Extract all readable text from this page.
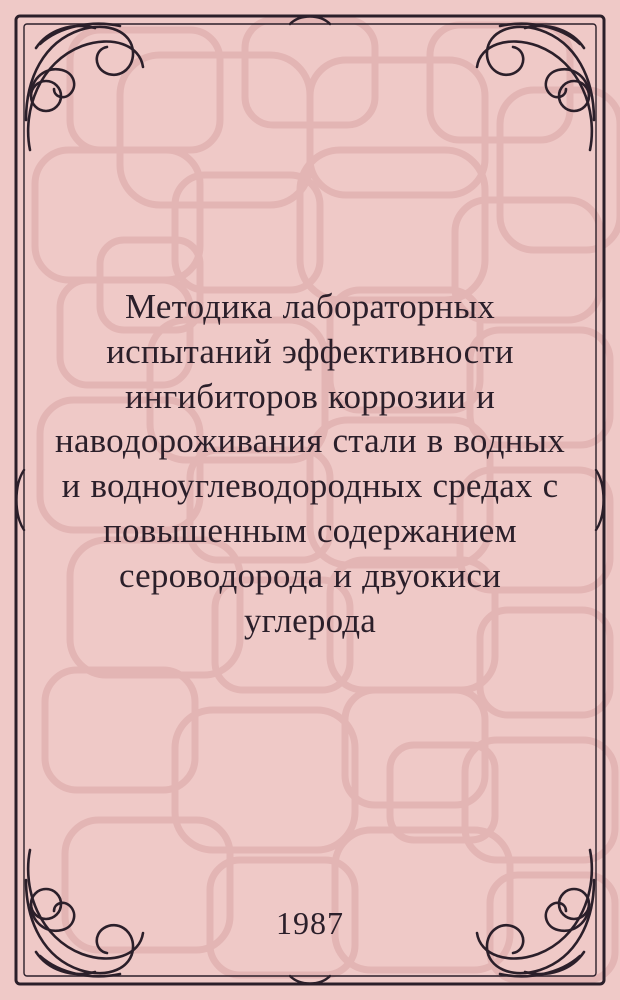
Методика лабораторных испытаний эффективности ингибиторов коррозии и наводороживания стали в водных и водноуглеводородных средах с повышенным содержанием сероводорода и двуокиси углерода
1987
